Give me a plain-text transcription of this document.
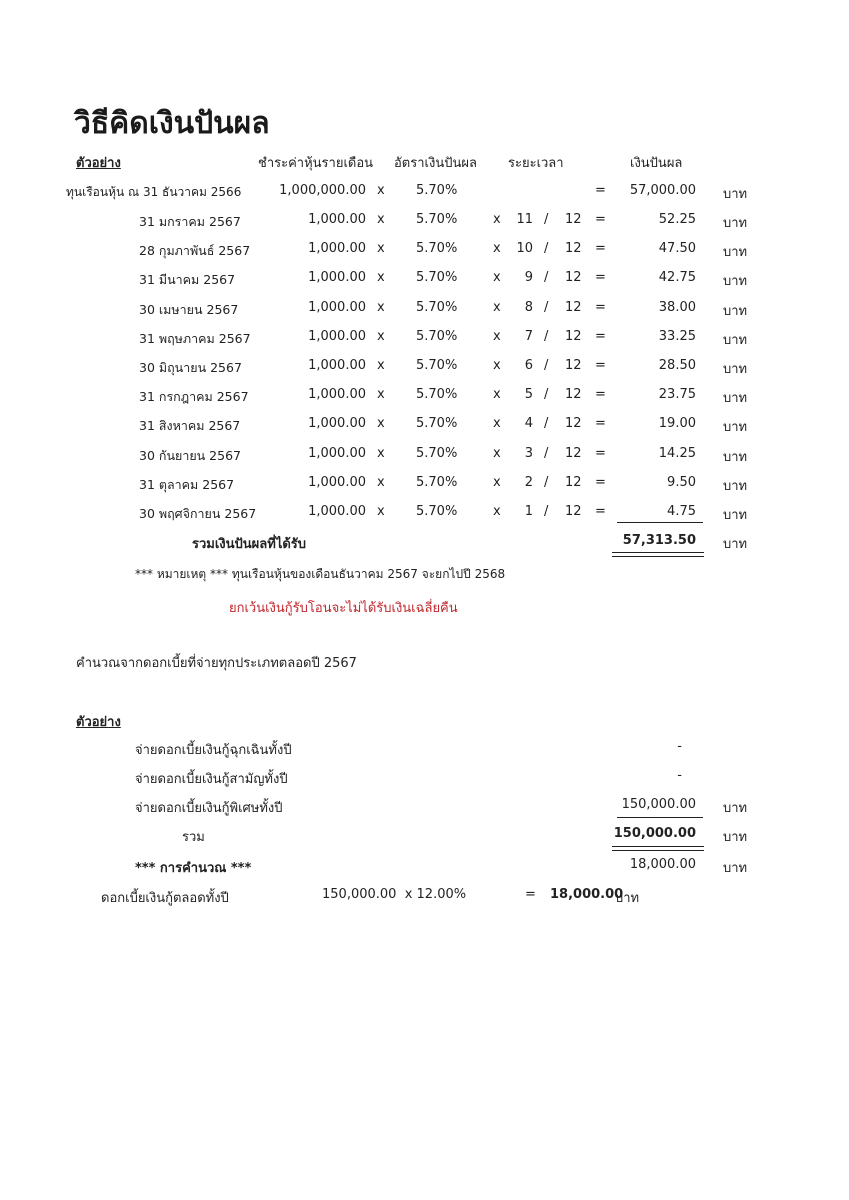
วิธีคิดเงินปันผล
ตัวอย่าง	ชำระค่าหุ้นรายเดือน อัตราเงินปันผล ระยะเวลา	เงินปันผล
ทุนเรือนหุ้น ณ 31 ธันวาคม 2566	1,000,000.00 x 5.70%	=	57,000.00 บาท
31 มกราคม 2567	1,000.00 x 5.70%	x 11 / 12 =	52.25 บาท
28 กุมภาพันธ์ 2567	1,000.00 x 5.70%	x 10 / 12 =	47.50 บาท
31 มีนาคม 2567	1,000.00 x 5.70%	x	9 / 12 =	42.75 บาท
30 เมษายน 2567	1,000.00 x 5.70%	x	8 / 12 =	38.00 บาท
31 พฤษภาคม 2567	1,000.00 x 5.70%	x	7 / 12 =	33.25 บาท
30 มิถุนายน 2567	1,000.00 x 5.70%	x	6 / 12 =	28.50 บาท
31 กรกฎาคม 2567	1,000.00 x 5.70%	x	5 / 12 =	23.75 บาท
31 สิงหาคม 2567	1,000.00 x 5.70%	x	4 / 12 =	19.00 บาท
30 กันยายน 2567	1,000.00 x 5.70%	x	3 / 12 =	14.25 บาท
31 ตุลาคม 2567	1,000.00 x 5.70%	x	2 / 12 =	9.50 บาท
30 พฤศจิกายน 2567	1,000.00 x 5.70%	x	1 / 12 =	4.75 บาท
รวมเงินปันผลที่ได้รับ	57,313.50 บาท
*** หมายเหตุ *** ทุนเรือนหุ้นของเดือนธันวาคม 2567 จะยกไปปี 2568
ยกเว้นเงินกู้รับโอนจะไม่ได้รับเงินเฉลี่ยคืน
คำนวณจากดอกเบี้ยที่จ่ายทุกประเภทตลอดปี 2567
ตัวอย่าง
จ่ายดอกเบี้ยเงินกู้ฉุกเฉินทั้งปี	-
จ่ายดอกเบี้ยเงินกู้สามัญทั้งปี	-
จ่ายดอกเบี้ยเงินกู้พิเศษทั้งปี	150,000.00 บาท
รวม	150,000.00 บาท
*** การคำนวณ ***	18,000.00 บาท
ดอกเบี้ยเงินกู้ตลอดทั้งปี	150,000.00  x 12.00%	= 18,000.00
บาท
